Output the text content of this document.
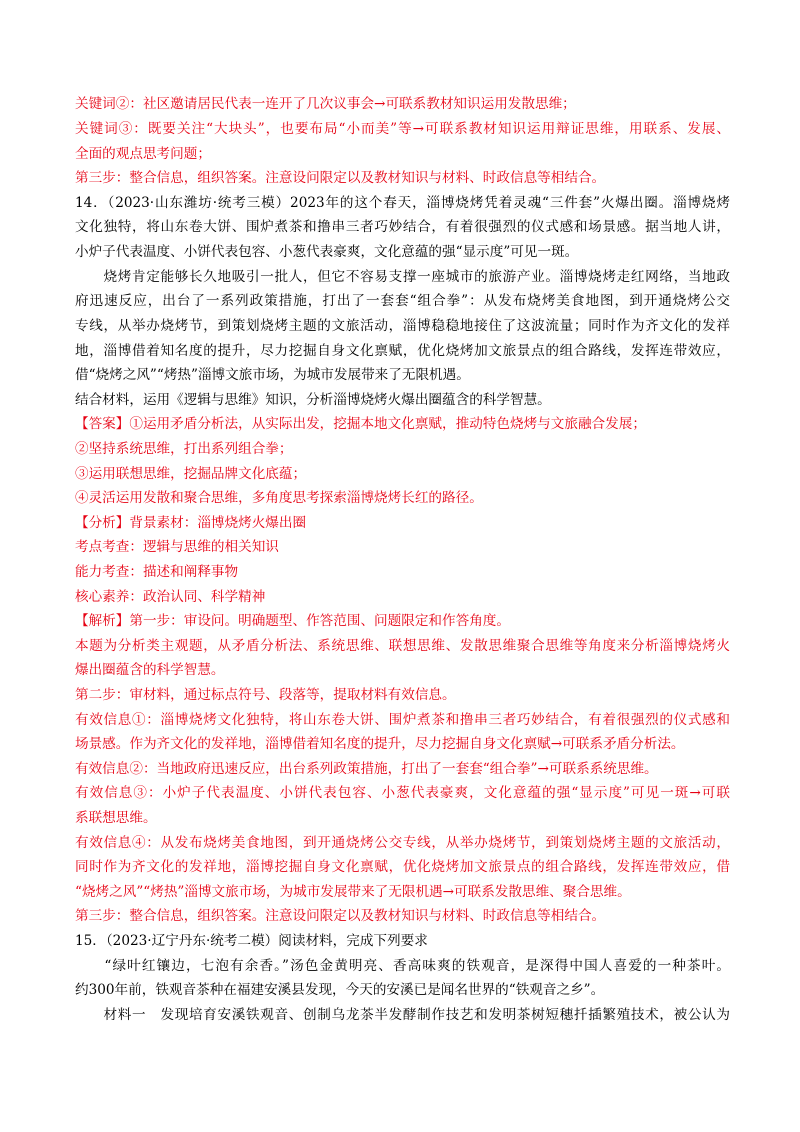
关键词②：社区邀请居民代表一连开了几次议事会→可联系教材知识运用发散思维；
关键词③：既要关注“大块头”，也要布局“小而美”等→可联系教材知识运用辩证思维，用联系、发展、
全面的观点思考问题；
第三步：整合信息，组织答案。注意设问限定以及教材知识与材料、时政信息等相结合。
14．（2023·山东潍坊·统考三模）2023年的这个春天，淄博烧烤凭着灵魂“三件套”火爆出圈。淄博烧烤
文化独特，将山东卷大饼、围炉煮茶和撸串三者巧妙结合，有着很强烈的仪式感和场景感。据当地人讲，
小炉子代表温度、小饼代表包容、小葱代表豪爽，文化意蕴的强“显示度”可见一斑。
　　烧烤肯定能够长久地吸引一批人，但它不容易支撑一座城市的旅游产业。淄博烧烤走红网络，当地政
府迅速反应，出台了一系列政策措施，打出了一套套“组合拳”：从发布烧烤美食地图，到开通烧烤公交
专线，从举办烧烤节，到策划烧烤主题的文旅活动，淄博稳稳地接住了这波流量；同时作为齐文化的发祥
地，淄博借着知名度的提升，尽力挖掘自身文化禀赋，优化烧烤加文旅景点的组合路线，发挥连带效应，
借“烧烤之风”“烤热”淄博文旅市场，为城市发展带来了无限机遇。
结合材料，运用《逻辑与思维》知识，分析淄博烧烤火爆出圈蕴含的科学智慧。
【答案】①运用矛盾分析法，从实际出发，挖掘本地文化禀赋，推动特色烧烤与文旅融合发展；
②坚持系统思维，打出系列组合拳；
③运用联想思维，挖掘品牌文化底蕴；
④灵活运用发散和聚合思维，多角度思考探索淄博烧烤长红的路径。
【分析】背景素材：淄博烧烤火爆出圈
考点考查：逻辑与思维的相关知识
能力考查：描述和阐释事物
核心素养：政治认同、科学精神
【解析】第一步：审设问。明确题型、作答范围、问题限定和作答角度。
本题为分析类主观题，从矛盾分析法、系统思维、联想思维、发散思维聚合思维等角度来分析淄博烧烤火
爆出圈蕴含的科学智慧。
第二步：审材料，通过标点符号、段落等，提取材料有效信息。
有效信息①：淄博烧烤文化独特，将山东卷大饼、围炉煮茶和撸串三者巧妙结合，有着很强烈的仪式感和
场景感。作为齐文化的发祥地，淄博借着知名度的提升，尽力挖掘自身文化禀赋→可联系矛盾分析法。
有效信息②：当地政府迅速反应，出台系列政策措施，打出了一套套“组合拳”→可联系系统思维。
有效信息③：小炉子代表温度、小饼代表包容、小葱代表豪爽，文化意蕴的强“显示度”可见一斑→可联
系联想思维。
有效信息④：从发布烧烤美食地图，到开通烧烤公交专线，从举办烧烤节，到策划烧烤主题的文旅活动，
同时作为齐文化的发祥地，淄博挖掘自身文化禀赋，优化烧烤加文旅景点的组合路线，发挥连带效应，借
“烧烤之风”“烤热”淄博文旅市场，为城市发展带来了无限机遇→可联系发散思维、聚合思维。
第三步：整合信息，组织答案。注意设问限定以及教材知识与材料、时政信息等相结合。
15．（2023·辽宁丹东·统考二模）阅读材料，完成下列要求
　　“绿叶红镶边，七泡有余香。”汤色金黄明亮、香高味爽的铁观音，是深得中国人喜爱的一种茶叶。
约300年前，铁观音茶种在福建安溪县发现，今天的安溪已是闻名世界的“铁观音之乡”。
　　材料一　发现培育安溪铁观音、创制乌龙茶半发酵制作技艺和发明茶树短穗扦插繁殖技术，被公认为
